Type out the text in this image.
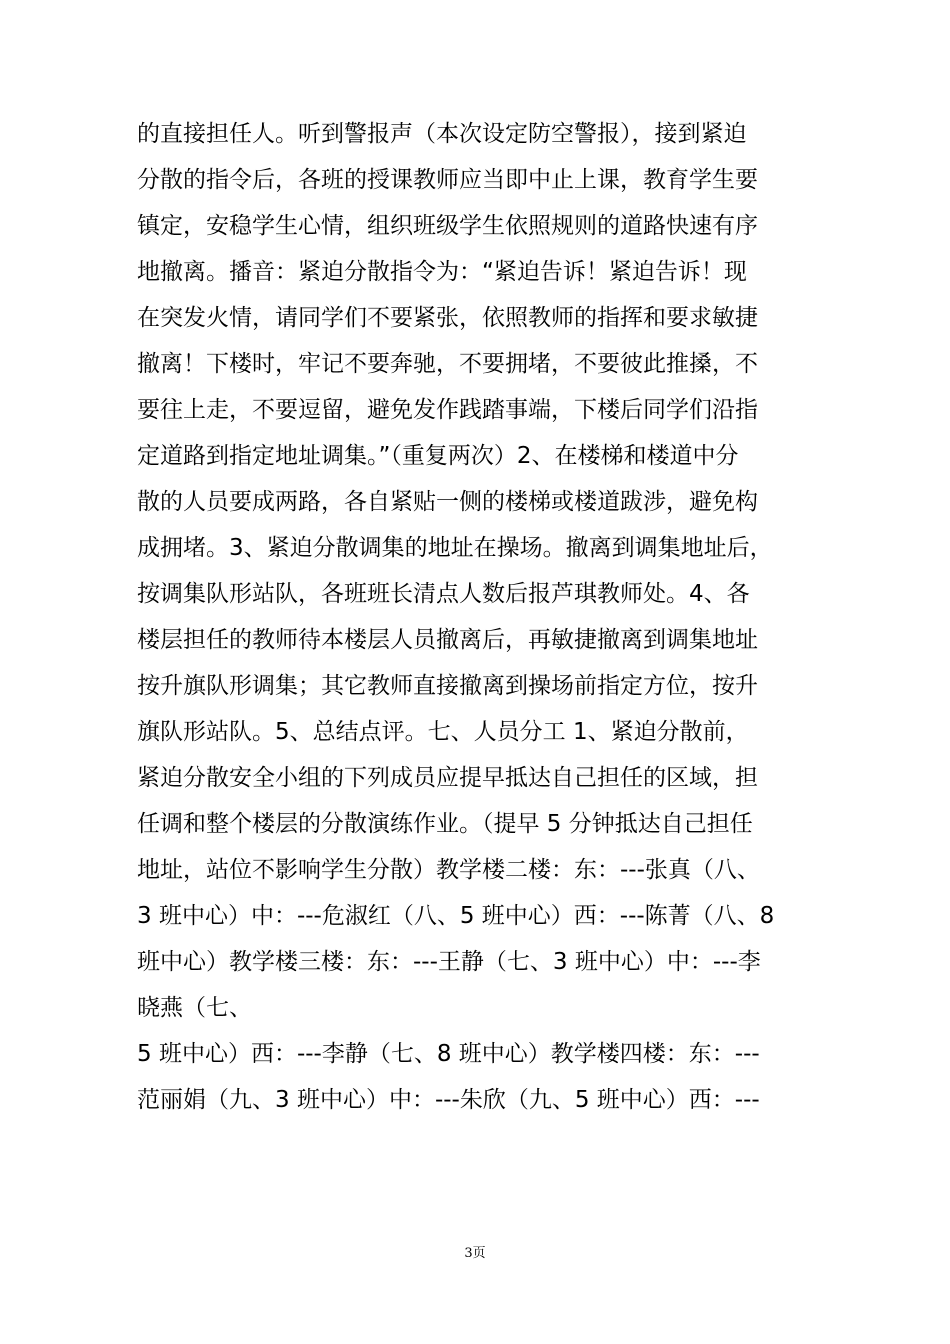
的直接担任人。听到警报声（本次设定防空警报），接到紧迫
分散的指令后，各班的授课教师应当即中止上课，教育学生要
镇定，安稳学生心情，组织班级学生依照规则的道路快速有序
地撤离。播音：紧迫分散指令为：“紧迫告诉！紧迫告诉！现
在突发火情，请同学们不要紧张，依照教师的指挥和要求敏捷
撤离！下楼时，牢记不要奔驰，不要拥堵，不要彼此推搡，不
要往上走，不要逗留，避免发作践踏事端，下楼后同学们沿指
定道路到指定地址调集。”（重复两次）2、在楼梯和楼道中分
散的人员要成两路，各自紧贴一侧的楼梯或楼道跋涉，避免构
成拥堵。3、紧迫分散调集的地址在操场。撤离到调集地址后，
按调集队形站队，各班班长清点人数后报芦琪教师处。4、各
楼层担任的教师待本楼层人员撤离后，再敏捷撤离到调集地址
按升旗队形调集；其它教师直接撤离到操场前指定方位，按升
旗队形站队。5、总结点评。七、人员分工 1、紧迫分散前，
紧迫分散安全小组的下列成员应提早抵达自己担任的区域，担
任调和整个楼层的分散演练作业。（提早 5 分钟抵达自己担任
地址，站位不影响学生分散）教学楼二楼：东：---张真（八、
3 班中心）中：---危淑红（八、5 班中心）西：---陈菁（八、8
班中心）教学楼三楼：东：---王静（七、3 班中心）中：---李
晓燕（七、
5 班中心）西：---李静（七、8 班中心）教学楼四楼：东：---
范丽娟（九、3 班中心）中：---朱欣（九、5 班中心）西：---
3页
